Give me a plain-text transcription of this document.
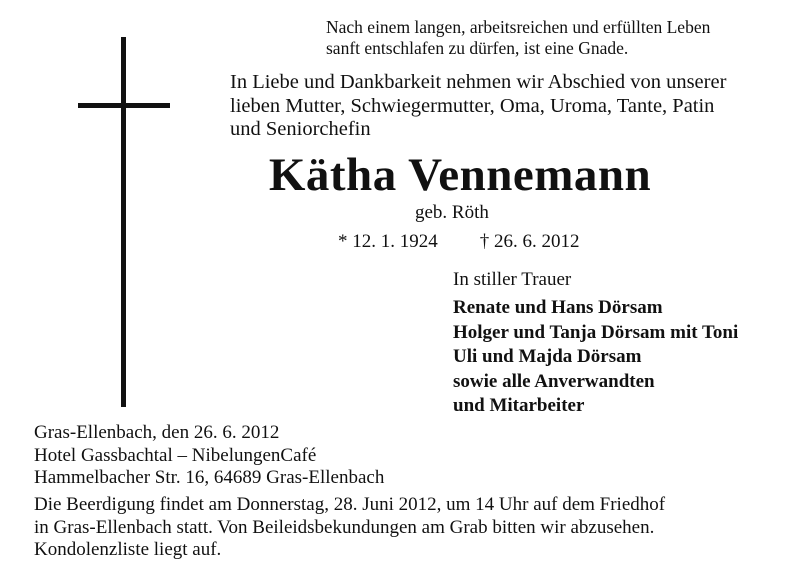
Nach einem langen, arbeitsreichen und erfüllten Leben
sanft entschlafen zu dürfen, ist eine Gnade.
In Liebe und Dankbarkeit nehmen wir Abschied von unserer
lieben Mutter, Schwiegermutter, Oma, Uroma, Tante, Patin
und Seniorchefin
Kätha Vennemann
geb. Röth
* 12. 1. 1924 † 26. 6. 2012
In stiller Trauer
Renate und Hans Dörsam
Holger und Tanja Dörsam mit Toni
Uli und Majda Dörsam
sowie alle Anverwandten
und Mitarbeiter
Gras-Ellenbach, den 26. 6. 2012
Hotel Gassbachtal – NibelungenCafé
Hammelbacher Str. 16, 64689 Gras-Ellenbach
Die Beerdigung findet am Donnerstag, 28. Juni 2012, um 14 Uhr auf dem Friedhof
in Gras-Ellenbach statt. Von Beileidsbekundungen am Grab bitten wir abzusehen.
Kondolenzliste liegt auf.
